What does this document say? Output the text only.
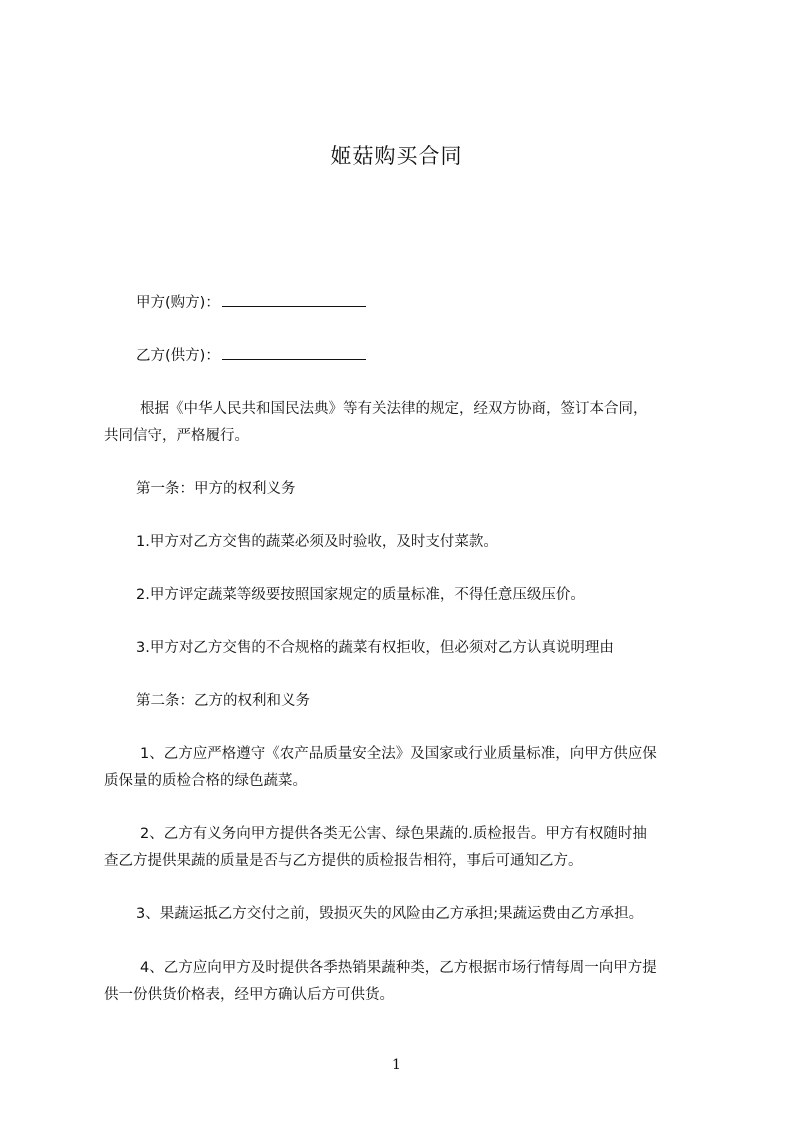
姬菇购买合同
甲方(购方)：
乙方(供方)：
根据《中华人民共和国民法典》等有关法律的规定，经双方协商，签订本合同，
共同信守，严格履行。
第一条：甲方的权利义务
1.甲方对乙方交售的蔬菜必须及时验收，及时支付菜款。
2.甲方评定蔬菜等级要按照国家规定的质量标准，不得任意压级压价。
3.甲方对乙方交售的不合规格的蔬菜有权拒收，但必须对乙方认真说明理由
第二条：乙方的权利和义务
1、乙方应严格遵守《农产品质量安全法》及国家或行业质量标准，向甲方供应保
质保量的质检合格的绿色蔬菜。
2、乙方有义务向甲方提供各类无公害、绿色果蔬的.质检报告。甲方有权随时抽
查乙方提供果蔬的质量是否与乙方提供的质检报告相符，事后可通知乙方。
3、果蔬运抵乙方交付之前，毁损灭失的风险由乙方承担;果蔬运费由乙方承担。
4、乙方应向甲方及时提供各季热销果蔬种类，乙方根据市场行情每周一向甲方提
供一份供货价格表，经甲方确认后方可供货。
1
